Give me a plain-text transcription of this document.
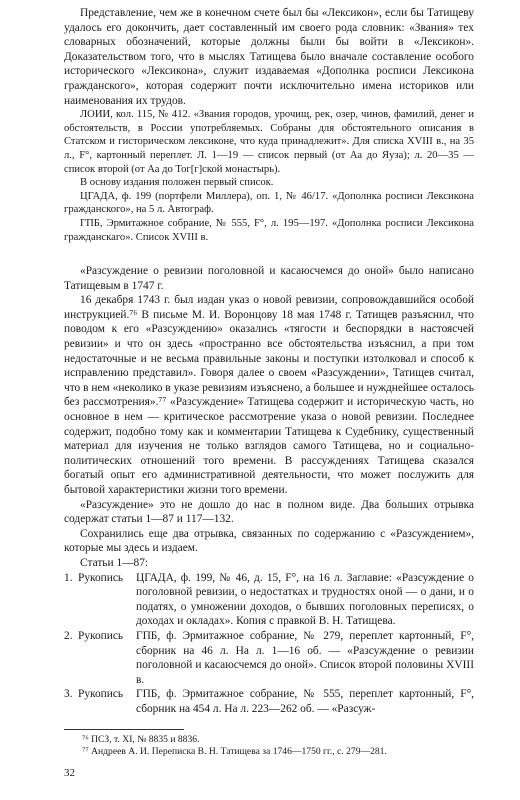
Представление, чем же в конечном счете был бы «Лексикон», если бы Татищеву удалось его докончить, дает составленный им своего рода словник: «Звания» тех словарных обозначений, которые должны были бы войти в «Лексикон». Доказательством того, что в мыслях Татищева было вначале составление особого исторического «Лексикона», служит издаваемая «Дополнка росписи Лексикона гражданского», которая содержит почти исключительно имена историков или наименования их трудов.

ЛОИИ, кол. 115, № 412. «Звания городов, урочищ, рек, озер, чинов, фамилий, денег и обстоятельств, в России употребляемых. Собраны для обстоятельного описания в Статском и гисторическом лексиконе, что куда принадлежит». Для списка XVIII в., на 35 л., F°, картонный переплет. Л. 1—19 — список первый (от Аа до Яуза); л. 20—35 — список второй (от Аа до Тог[г]ской монастырь).

В основу издания положен первый список.

ЦГАДА, ф. 199 (портфели Миллера), оп. 1, № 46/17. «Дополнка росписи Лексикона гражданского», на 5 л. Автограф.

ГПБ, Эрмитажное собрание, № 555, F°, л. 195—197. «Дополнка росписи Лексикона гражданскаго». Список XVIII в.

«Разсуждение о ревизии поголовной и касаюсчемся до оной» было написано Татищевым в 1747 г.

16 декабря 1743 г. был издан указ о новой ревизии, сопровождавшийся особой инструкцией.⁷⁶ В письме М. И. Воронцову 18 мая 1748 г. Татищев разъяснил, что поводом к его «Разсуждению» оказались «тягости и беспорядки в настоясчей ревизии» и что он здесь «пространно все обстоятельства изъяснил, а при том недостаточные и не весьма правильные законы и поступки изтолковал и способ к исправлению представил». Говоря далее о своем «Разсуждении», Татищев считал, что в нем «неколико в указе ревизиям изъяснено, а большее и нужднейшее осталось без рассмотрения».⁷⁷ «Разсуждение» Татищева содержит и историческую часть, но основное в нем — критическое рассмотрение указа о новой ревизии. Последнее содержит, подобно тому как и комментарии Татищева к Судебнику, существенный материал для изучения не только взглядов самого Татищева, но и социально-политических отношений того времени. В рассуждениях Татищева сказался богатый опыт его административной деятельности, что может послужить для бытовой характеристики жизни того времени.

«Разсуждение» это не дошло до нас в полном виде. Два больших отрывка содержат статьи 1—87 и 117—132.

Сохранились еще два отрывка, связанных по содержанию с «Разсуждением», которые мы здесь и издаем.

Статьи 1—87:

1. Рукопись	ЦГАДА, ф. 199, № 46, д. 15, F°, на 16 л. Заглавие: «Разсуждение о поголовной ревизии, о недостатках и трудностях оной — о дани, и о податях, о умножении доходов, о бывших поголовных переписях, о доходах и окладах». Копия с правкой В. Н. Татищева.
2. Рукопись	ГПБ, ф. Эрмитажное собрание, № 279, переплет картонный, F°, сборник на 46 л. На л. 1—16 об. — «Разсуждение о ревизии поголовной и касаюсчемся до оной». Список второй половины XVIII в.
3. Рукопись	ГПБ, ф. Эрмитажное собрание, № 555, переплет картонный, F°, сборник на 454 л. На л. 223—262 об. — «Разсуж-

⁷⁶ ПСЗ, т. XI, № 8835 и 8836.

⁷⁷ Андреев А. И. Переписка В. Н. Татищева за 1746—1750 гг., с. 279—281.

32
